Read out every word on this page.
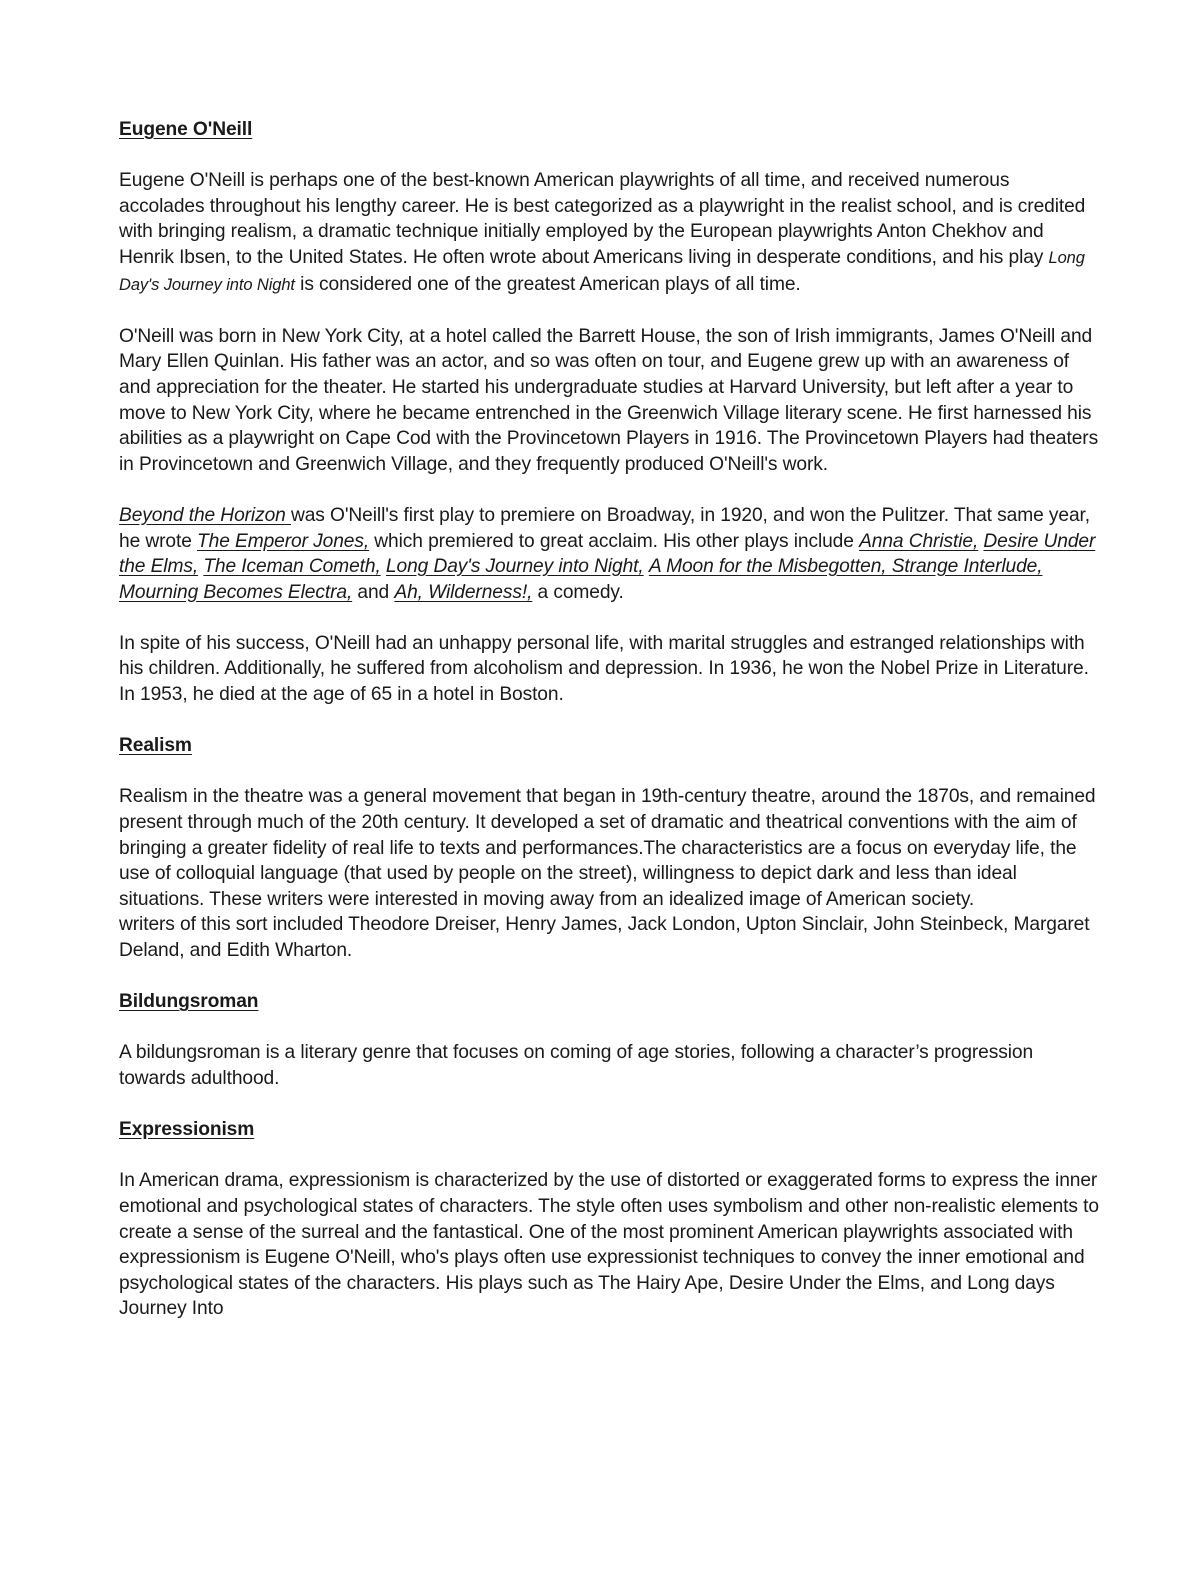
Eugene O'Neill

Eugene O'Neill is perhaps one of the best-known American playwrights of all time, and received numerous accolades throughout his lengthy career. He is best categorized as a playwright in the realist school, and is credited with bringing realism, a dramatic technique initially employed by the European playwrights Anton Chekhov and Henrik Ibsen, to the United States. He often wrote about Americans living in desperate conditions, and his play Long Day's Journey into Night is considered one of the greatest American plays of all time.

O'Neill was born in New York City, at a hotel called the Barrett House, the son of Irish immigrants, James O'Neill and Mary Ellen Quinlan. His father was an actor, and so was often on tour, and Eugene grew up with an awareness of and appreciation for the theater. He started his undergraduate studies at Harvard University, but left after a year to move to New York City, where he became entrenched in the Greenwich Village literary scene. He first harnessed his abilities as a playwright on Cape Cod with the Provincetown Players in 1916. The Provincetown Players had theaters in Provincetown and Greenwich Village, and they frequently produced O'Neill's work.

Beyond the Horizon was O'Neill's first play to premiere on Broadway, in 1920, and won the Pulitzer. That same year, he wrote The Emperor Jones, which premiered to great acclaim. His other plays include Anna Christie, Desire Under the Elms, The Iceman Cometh, Long Day's Journey into Night, A Moon for the Misbegotten, Strange Interlude, Mourning Becomes Electra, and Ah, Wilderness!, a comedy.

In spite of his success, O'Neill had an unhappy personal life, with marital struggles and estranged relationships with his children. Additionally, he suffered from alcoholism and depression. In 1936, he won the Nobel Prize in Literature. In 1953, he died at the age of 65 in a hotel in Boston.

Realism

Realism in the theatre was a general movement that began in 19th-century theatre, around the 1870s, and remained present through much of the 20th century. It developed a set of dramatic and theatrical conventions with the aim of bringing a greater fidelity of real life to texts and performances.The characteristics are a focus on everyday life, the use of colloquial language (that used by people on the street), willingness to depict dark and less than ideal situations. These writers were interested in moving away from an idealized image of American society.

writers of this sort included Theodore Dreiser, Henry James, Jack London, Upton Sinclair, John Steinbeck, Margaret Deland, and Edith Wharton.

Bildungsroman

A bildungsroman is a literary genre that focuses on coming of age stories, following a character’s progression towards adulthood.

Expressionism

In American drama, expressionism is characterized by the use of distorted or exaggerated forms to express the inner emotional and psychological states of characters. The style often uses symbolism and other non-realistic elements to create a sense of the surreal and the fantastical. One of the most prominent American playwrights associated with expressionism is Eugene O'Neill, who's plays often use expressionist techniques to convey the inner emotional and psychological states of the characters. His plays such as The Hairy Ape, Desire Under the Elms, and Long days Journey Into
